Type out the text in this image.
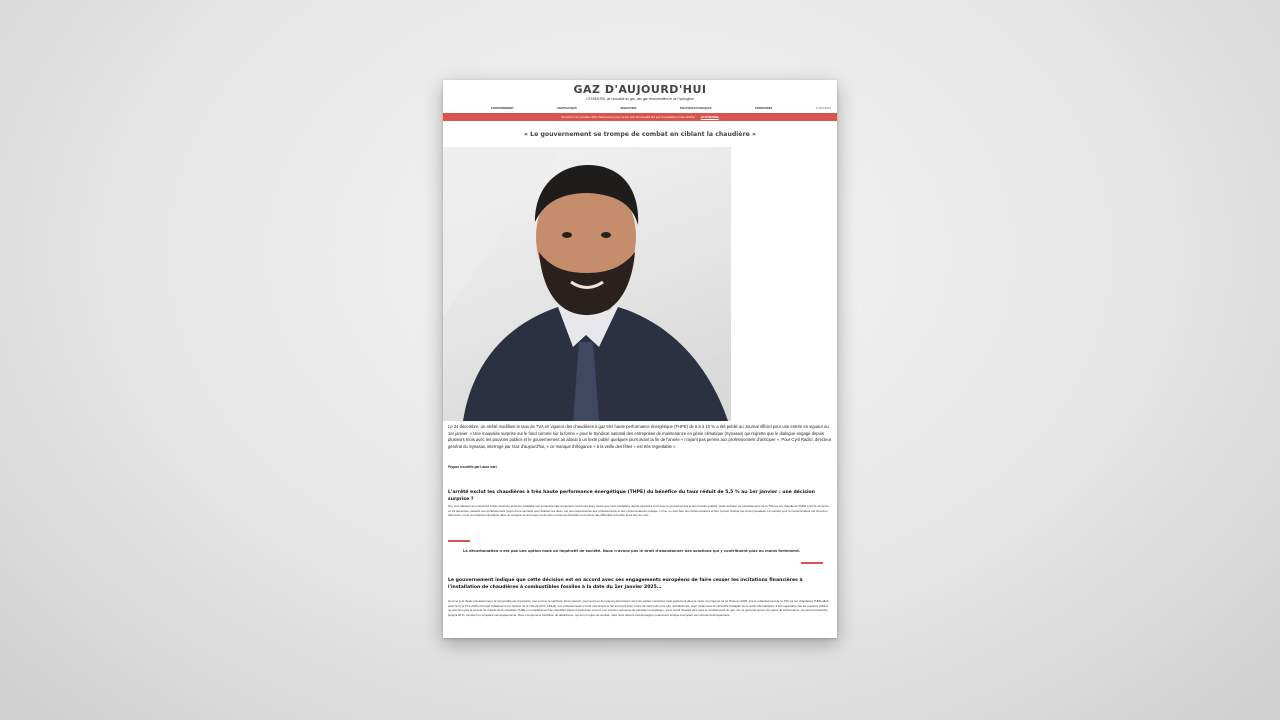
GAZ D'AUJOURD'HUI
L'ESSENTIEL de l'actualité du gaz, des gaz renouvelables et de l'hydrogène
ENVIRONNEMENT	GÉOPOLITIQUE	INNOVATION	POLITIQUES PUBLIQUES	TERRITOIRES	S'ABONNER
Découvrez nos nouvelles offres d'abonnement pour ne rien rater de l'actualité des gaz renouvelables et bas carbone JE M'ABONNE
« Le gouvernement se trompe de combat en ciblant la chaudière »
Le 24 décembre, un arrêté modifiant le taux de TVA en vigueur des chaudières à gaz très haute performance énergétique (THPE) de 5,5 à 10 % a été publié au Journal officiel pour une entrée en vigueur au 1er janvier. « Une mauvaise surprise sur le fond comme sur la forme » pour le Syndicat national des entreprises de maintenance en génie climatique (Synasav) qui regrette que le dialogue engagé depuis plusieurs mois avec les pouvoirs publics et le gouvernement ait abouti à un texte publié quelques jours avant la fin de l'année « n'ayant pas permis aux professionnels d'anticiper ». Pour Cyril Radici, directeur général du Synasav, interrogé par Gaz d'aujourd'hui, « ce manque d'élégance » à la veille des fêtes « est très regrettable ».
Propos recueillis par Laura Icart
L'arrêté exclut les chaudières à très haute performance énergétique (THPE) du bénéfice du taux réduit de 5,5 % au 1er janvier : une décision surprise ?
Oui. Une décision qui n'avait fait l'objet d'aucune annonce préalable aux professionnels du secteur concernés alors même que nous travaillons depuis plusieurs mois avec le gouvernement et les pouvoirs publics. Cette décision de rehaussement de la TVA sur les chaudières THPE à 10 %, annoncé un 24 décembre, laissant aux professionnels moins d'une semaine pour finaliser les devis, est peu respectueuse des professionnels et des consommateurs puisque, in fine, ce sont bien les consommateurs et leur pouvoir d'achat qui seront pénalisés. Le surcoût pour le consommateur est d'environ 200 euros. C'est une hausse importante dans un contexte économique où de plus en plus de Français rencontrent des difficultés à boucler leurs fins de mois.
La décarbonation n'est pas une option mais un impératif de société. Nous n'avons pas le droit d'abandonner des solutions qui y contribuent plus ou moins fortement.
Le gouvernement indique que cette décision est en accord avec ses engagements européens de faire cesser les incitations financières à l'installation de chaudières à combustibles fossiles à la date du 1er janvier 2025…
Comme je le disais précédemment, la temporalité est importante, tout comme la méthode. Nous savions, pour avoir eu de longues discussions avec les parties prenantes mais également dans le cadre du projet de loi de finances 2025, que le rehaussement de la TVA sur les chaudières THPE allait avoir lieu [ le PLF 2025 prévoyait initialement une hausse de la TVA de 20 %, NDLR]. Les professionnels ont été mis devant le fait accompli avec moins de sept jours pour être opérationnels, avec notamment la nécessité d'adapter leurs outils informatiques. Il est regrettable que les pouvoirs publics ne prennent pas la mesure de l'intérêt de la chaudière THPE en remplacement de chaudière basse température comme une solution vertueuse de transition énergétique, qui le serait d'autant plus avec le verdissement du gaz. On ne peut pas ignorer les gains de performance, qui peuvent atteindre jusqu'à 30 %, lorsque l'on remplace ces équipements. Nous comprenons l'ambition de décarboner, qui est un enjeu de société, mais nous devons l'accompagner notamment lorsque l'occupant est contraint techniquement.
